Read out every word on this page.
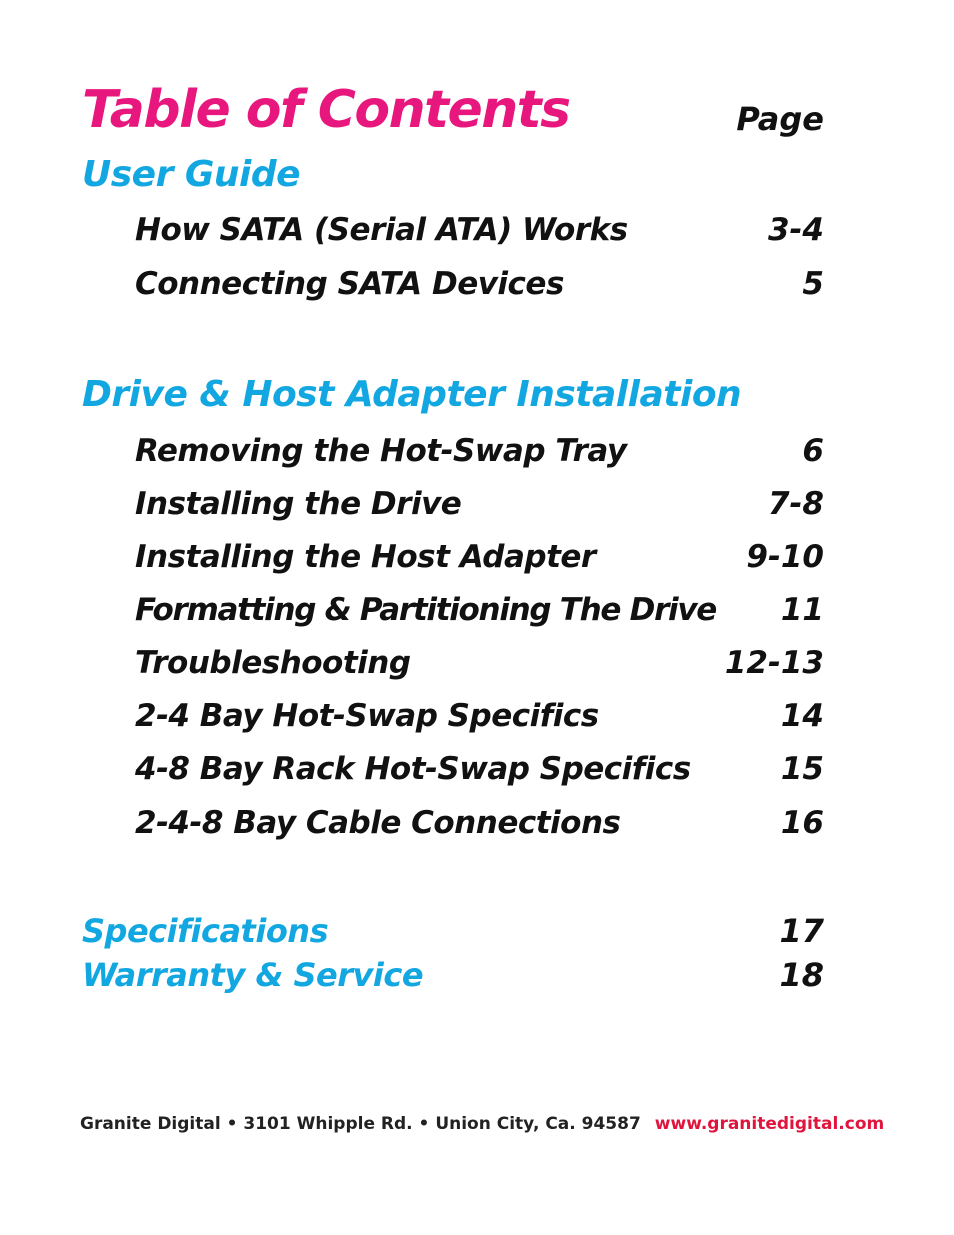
Table of Contents	Page
User Guide
How SATA (Serial ATA) Works	3-4
Connecting SATA Devices	5
Drive & Host Adapter Installation
Removing the Hot-Swap Tray	6
Installing the Drive	7-8
Installing the Host Adapter	9-10
Formatting & Partitioning The Drive 11
Troubleshooting	12-13
2-4 Bay Hot-Swap Specifics	14
4-8 Bay Rack Hot-Swap Specifics	15
2-4-8 Bay Cable Connections	16
Specifications	17
Warranty & Service	18
Granite Digital • 3101 Whipple Rd. • Union City, Ca. 94587 www.granitedigital.com
